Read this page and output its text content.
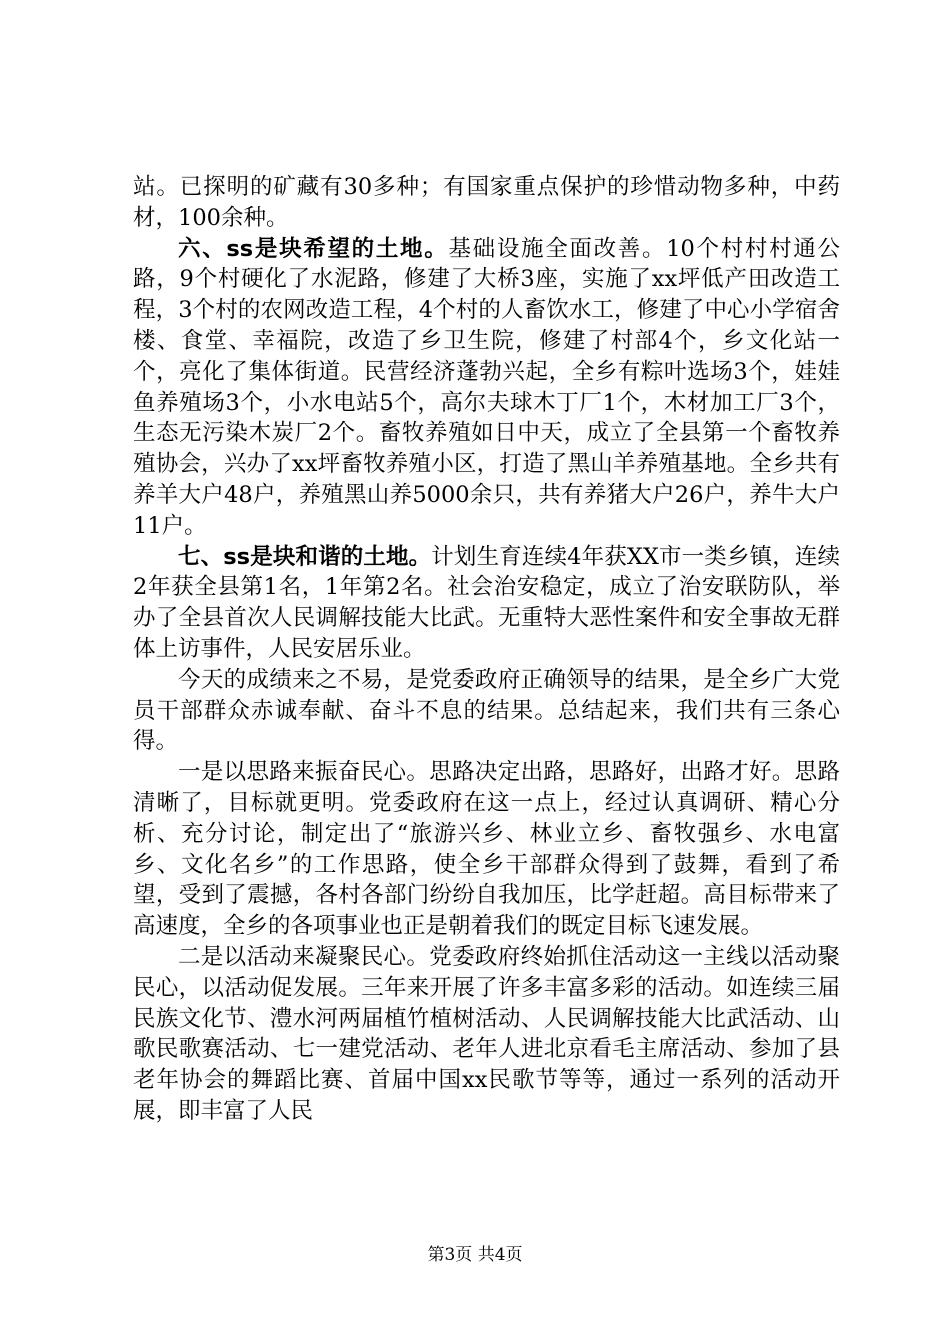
站。已探明的矿藏有30多种；有国家重点保护的珍惜动物多种，中药材，100余种。

六、ss是块希望的土地。基础设施全面改善。10个村村村通公路，9个村硬化了水泥路，修建了大桥3座，实施了xx坪低产田改造工程，3个村的农网改造工程，4个村的人畜饮水工，修建了中心小学宿舍楼、食堂、幸福院，改造了乡卫生院，修建了村部4个，乡文化站一个，亮化了集体街道。民营经济蓬勃兴起，全乡有粽叶选场3个，娃娃鱼养殖场3个，小水电站5个，高尔夫球木丁厂1个，木材加工厂3个，生态无污染木炭厂2个。畜牧养殖如日中天，成立了全县第一个畜牧养殖协会，兴办了xx坪畜牧养殖小区，打造了黑山羊养殖基地。全乡共有养羊大户48户，养殖黑山养5000余只，共有养猪大户26户，养牛大户11户。

七、ss是块和谐的土地。计划生育连续4年获XX市一类乡镇，连续2年获全县第1名，1年第2名。社会治安稳定，成立了治安联防队，举办了全县首次人民调解技能大比武。无重特大恶性案件和安全事故无群体上访事件，人民安居乐业。

今天的成绩来之不易，是党委政府正确领导的结果，是全乡广大党员干部群众赤诚奉献、奋斗不息的结果。总结起来，我们共有三条心得。

一是以思路来振奋民心。思路决定出路，思路好，出路才好。思路清晰了，目标就更明。党委政府在这一点上，经过认真调研、精心分析、充分讨论，制定出了“旅游兴乡、林业立乡、畜牧强乡、水电富乡、文化名乡”的工作思路，使全乡干部群众得到了鼓舞，看到了希望，受到了震撼，各村各部门纷纷自我加压，比学赶超。高目标带来了高速度，全乡的各项事业也正是朝着我们的既定目标飞速发展。

二是以活动来凝聚民心。党委政府终始抓住活动这一主线以活动聚民心，以活动促发展。三年来开展了许多丰富多彩的活动。如连续三届民族文化节、澧水河两届植竹植树活动、人民调解技能大比武活动、山歌民歌赛活动、七一建党活动、老年人进北京看毛主席活动、参加了县老年协会的舞蹈比赛、首届中国xx民歌节等等，通过一系列的活动开展，即丰富了人民

第3页 共4页
